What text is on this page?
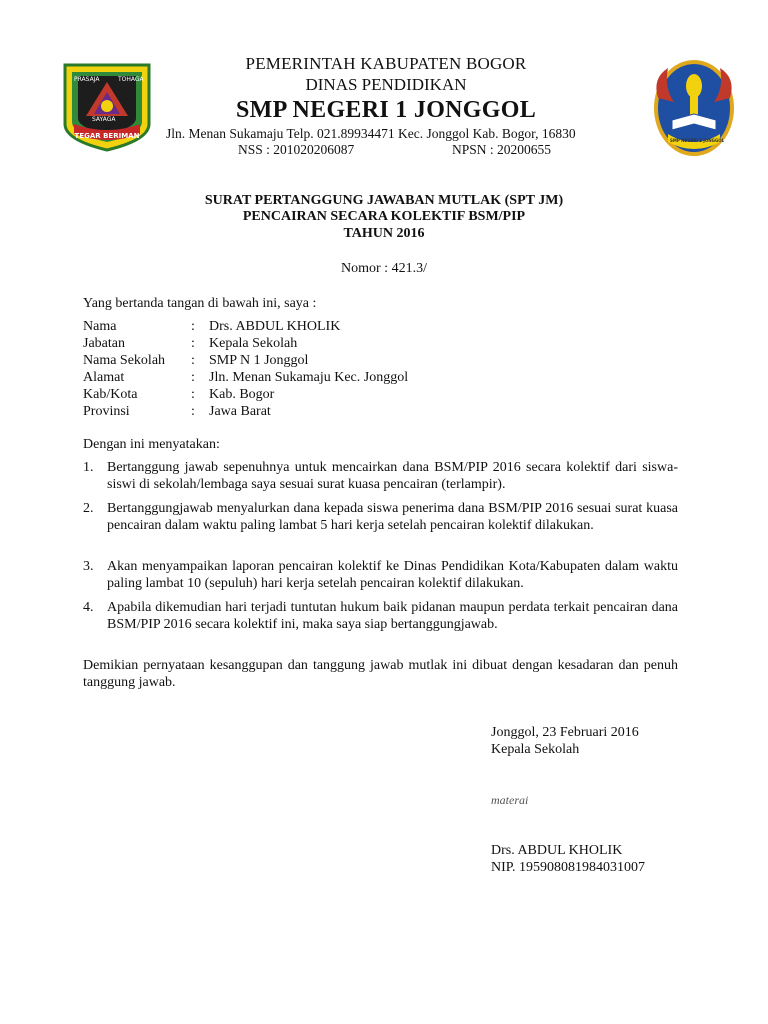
PRASAJA	TOHAGA
SAYAGA
TEGAR BERIMAN
SMP NEGERI 1 JONGGOL
PEMERINTAH KABUPATEN BOGOR
DINAS PENDIDIKAN
SMP NEGERI 1 JONGGOL
Jln. Menan Sukamaju Telp. 021.89934471 Kec. Jonggol Kab. Bogor, 16830
NSS : 201020206087	NPSN : 20200655
SURAT PERTANGGUNG JAWABAN MUTLAK (SPT JM)
PENCAIRAN SECARA KOLEKTIF BSM/PIP
TAHUN 2016
Nomor : 421.3/
Yang bertanda tangan di bawah ini, saya :
Nama	: Drs. ABDUL KHOLIK
Jabatan	: Kepala Sekolah
Nama Sekolah : SMP N 1 Jonggol
Alamat	: Jln. Menan Sukamaju Kec. Jonggol
Kab/Kota	: Kab. Bogor
Provinsi	: Jawa Barat
Dengan ini menyatakan:
1. Bertanggung jawab sepenuhnya untuk mencairkan dana BSM/PIP 2016 secara kolektif dari siswa-siswi di sekolah/lembaga saya sesuai surat kuasa pencairan (terlampir).
2. Bertanggungjawab menyalurkan dana kepada siswa penerima dana BSM/PIP 2016 sesuai surat kuasa pencairan dalam waktu paling lambat 5 hari kerja setelah pencairan kolektif dilakukan.
3. Akan menyampaikan laporan pencairan kolektif ke Dinas Pendidikan Kota/Kabupaten dalam waktu paling lambat 10 (sepuluh) hari kerja setelah pencairan kolektif dilakukan.
4. Apabila dikemudian hari terjadi tuntutan hukum baik pidanan maupun perdata terkait pencairan dana BSM/PIP 2016 secara kolektif ini, maka saya siap bertanggungjawab.
Demikian pernyataan kesanggupan dan tanggung jawab mutlak ini dibuat dengan kesadaran dan penuh tanggung jawab.
Jonggol, 23 Februari 2016
Kepala Sekolah
materai
Drs. ABDUL KHOLIK
NIP. 195908081984031007
